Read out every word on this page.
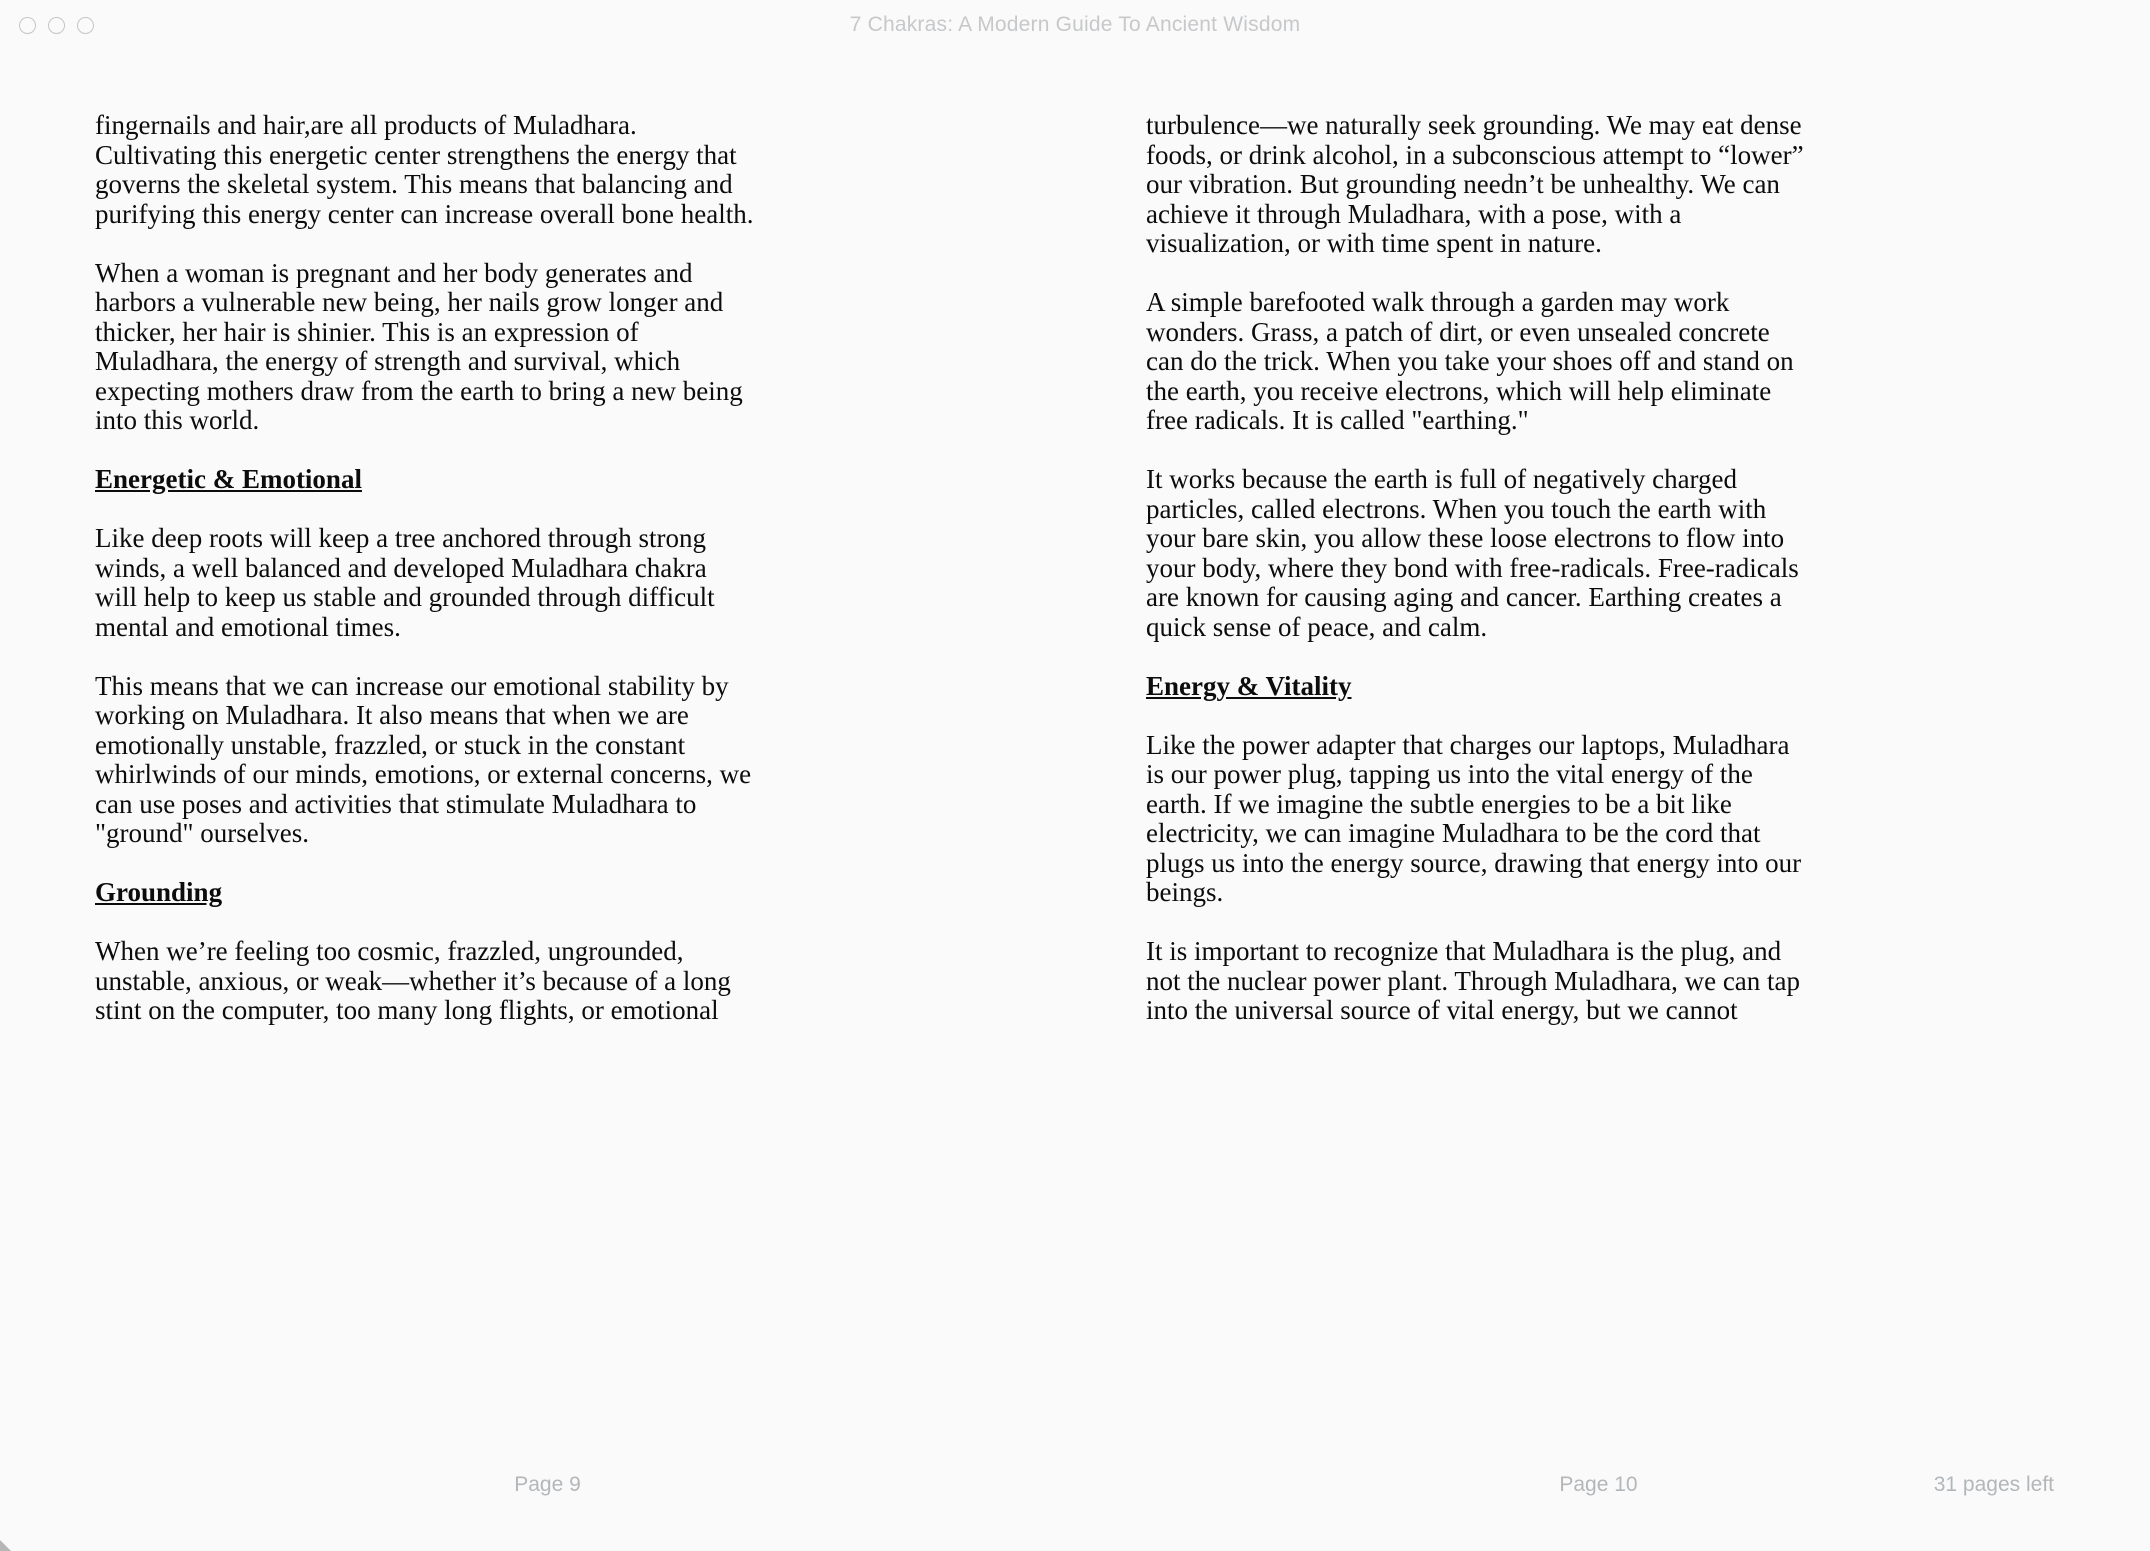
7 Chakras: A Modern Guide To Ancient Wisdom
fingernails and hair,are all products of Muladhara.
Cultivating this energetic center strengthens the energy that
governs the skeletal system. This means that balancing and
purifying this energy center can increase overall bone health.
When a woman is pregnant and her body generates and
harbors a vulnerable new being, her nails grow longer and
thicker, her hair is shinier. This is an expression of
Muladhara, the energy of strength and survival, which
expecting mothers draw from the earth to bring a new being
into this world.
Energetic & Emotional
Like deep roots will keep a tree anchored through strong
winds, a well balanced and developed Muladhara chakra
will help to keep us stable and grounded through difficult
mental and emotional times.
This means that we can increase our emotional stability by
working on Muladhara. It also means that when we are
emotionally unstable, frazzled, or stuck in the constant
whirlwinds of our minds, emotions, or external concerns, we
can use poses and activities that stimulate Muladhara to
"ground" ourselves.
Grounding
When we’re feeling too cosmic, frazzled, ungrounded,
unstable, anxious, or weak—whether it’s because of a long
stint on the computer, too many long flights, or emotional
turbulence—we naturally seek grounding. We may eat dense
foods, or drink alcohol, in a subconscious attempt to “lower”
our vibration. But grounding needn’t be unhealthy. We can
achieve it through Muladhara, with a pose, with a
visualization, or with time spent in nature.
A simple barefooted walk through a garden may work
wonders. Grass, a patch of dirt, or even unsealed concrete
can do the trick. When you take your shoes off and stand on
the earth, you receive electrons, which will help eliminate
free radicals. It is called "earthing."
It works because the earth is full of negatively charged
particles, called electrons. When you touch the earth with
your bare skin, you allow these loose electrons to flow into
your body, where they bond with free-radicals. Free-radicals
are known for causing aging and cancer. Earthing creates a
quick sense of peace, and calm.
Energy & Vitality
Like the power adapter that charges our laptops, Muladhara
is our power plug, tapping us into the vital energy of the
earth. If we imagine the subtle energies to be a bit like
electricity, we can imagine Muladhara to be the cord that
plugs us into the energy source, drawing that energy into our
beings.
It is important to recognize that Muladhara is the plug, and
not the nuclear power plant. Through Muladhara, we can tap
into the universal source of vital energy, but we cannot
Page 9	Page 10	31 pages left
